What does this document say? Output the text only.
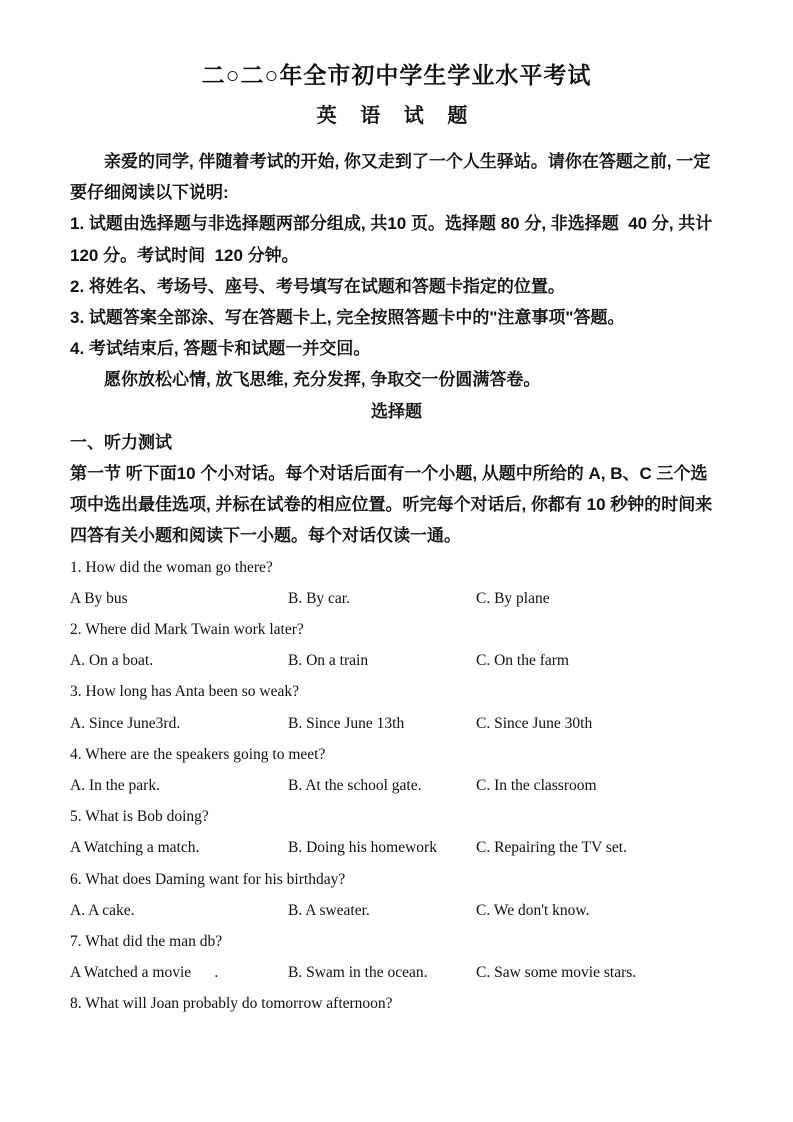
二○二○年全市初中学生学业水平考试
英 语 试 题

亲爱的同学, 伴随着考试的开始, 你又走到了一个人生驿站。请你在答题之前, 一定要仔细阅读以下说明:

1. 试题由选择题与非选择题两部分组成, 共10 页。选择题 80 分, 非选择题  40 分, 共计 120 分。考试时间  120 分钟。

2. 将姓名、考场号、座号、考号填写在试题和答题卡指定的位置。

3. 试题答案全部涂、写在答题卡上, 完全按照答题卡中的"注意事项"答题。

4. 考试结束后, 答题卡和试题一并交回。

愿你放松心情, 放飞思维, 充分发挥, 争取交一份圆满答卷。

选择题

一、听力测试

第一节 听下面10 个小对话。每个对话后面有一个小题, 从题中所给的 A, B、C 三个选项中选出最佳选项, 并标在试卷的相应位置。听完每个对话后, 你都有 10 秒钟的时间来四答有关小题和阅读下一小题。每个对话仅读一通。

1. How did the woman go there?

A By bus	B. By car.	C. By plane

2. Where did Mark Twain work later?

A. On a boat.	B. On a train	C. On the farm

3. How long has Anta been so weak?

A. Since June3rd.	B. Since June 13th	C. Since June 30th

4. Where are the speakers going to meet?

A. In the park.	B. At the school gate.	C. In the classroom

5. What is Bob doing?

A Watching a match.	B. Doing his homework	C. Repairing the TV set.

6. What does Daming want for his birthday?

A. A cake.	B. A sweater.	C. We don't know.

7. What did the man db?

A Watched a movie      .	B. Swam in the ocean.	C. Saw some movie stars.

8. What will Joan probably do tomorrow afternoon?
